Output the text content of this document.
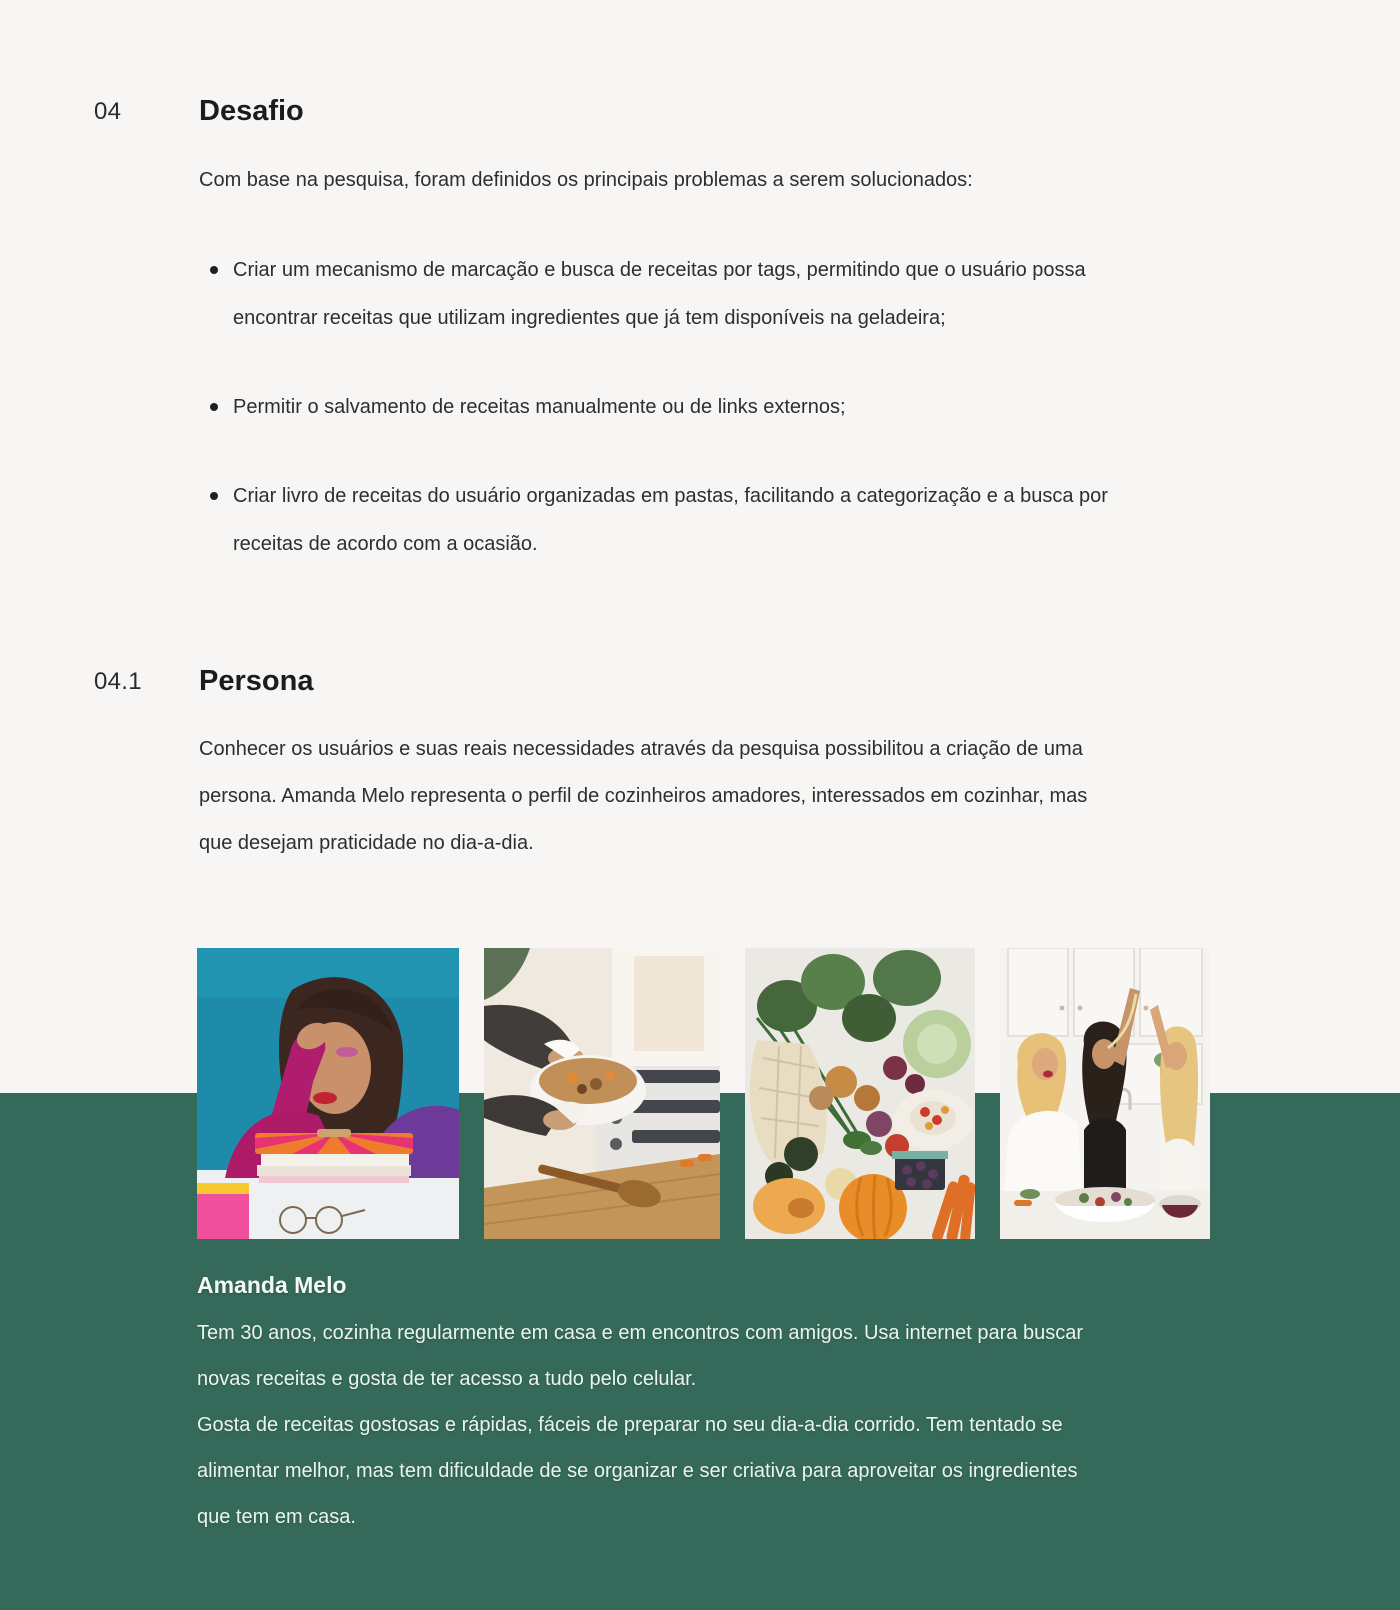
04	Desafio
Com base na pesquisa, foram definidos os principais problemas a serem solucionados:
Criar um mecanismo de marcação e busca de receitas por tags, permitindo que o usuário possa
encontrar receitas que utilizam ingredientes que já tem disponíveis na geladeira;
Permitir o salvamento de receitas manualmente ou de links externos;
Criar livro de receitas do usuário organizadas em pastas, facilitando a categorização e a busca por
receitas de acordo com a ocasião.
04.1 Persona
Conhecer os usuários e suas reais necessidades através da pesquisa possibilitou a criação de uma
persona. Amanda Melo representa o perfil de cozinheiros amadores, interessados em cozinhar, mas
que desejam praticidade no dia-a-dia.
Amanda Melo
Tem 30 anos, cozinha regularmente em casa e em encontros com amigos. Usa internet para buscar
novas receitas e gosta de ter acesso a tudo pelo celular.
Gosta de receitas gostosas e rápidas, fáceis de preparar no seu dia-a-dia corrido. Tem tentado se
alimentar melhor, mas tem dificuldade de se organizar e ser criativa para aproveitar os ingredientes
que tem em casa.
